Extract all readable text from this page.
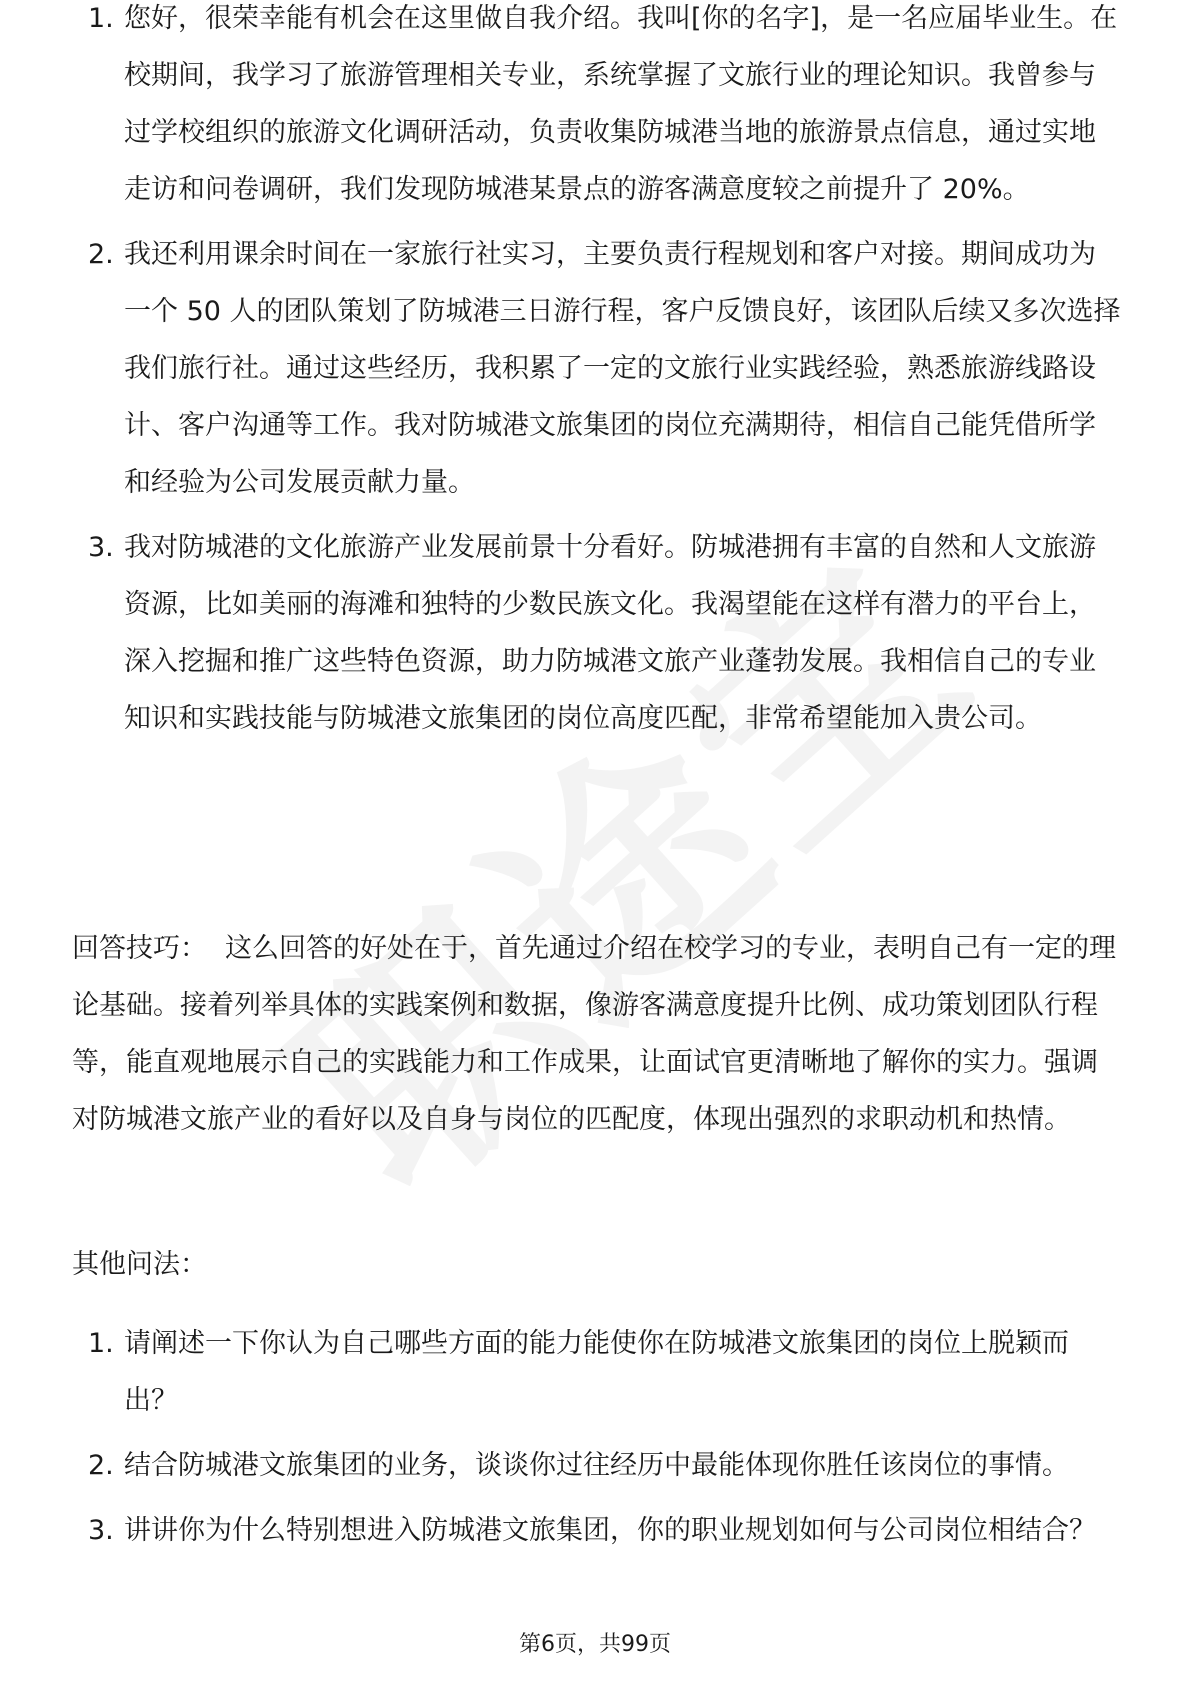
1. 您好，很荣幸能有机会在这里做自我介绍。我叫[你的名字]，是一名应届毕业生。在校期间，我学习了旅游管理相关专业，系统掌握了文旅行业的理论知识。我曾参与过学校组织的旅游文化调研活动，负责收集防城港当地的旅游景点信息，通过实地走访和问卷调研，我们发现防城港某景点的游客满意度较之前提升了 20%。
2. 我还利用课余时间在一家旅行社实习，主要负责行程规划和客户对接。期间成功为一个 50 人的团队策划了防城港三日游行程，客户反馈良好，该团队后续又多次选择我们旅行社。通过这些经历，我积累了一定的文旅行业实践经验，熟悉旅游线路设计、客户沟通等工作。我对防城港文旅集团的岗位充满期待，相信自己能凭借所学和经验为公司发展贡献力量。
3. 我对防城港的文化旅游产业发展前景十分看好。防城港拥有丰富的自然和人文旅游资源，比如美丽的海滩和独特的少数民族文化。我渴望能在这样有潜力的平台上，深入挖掘和推广这些特色资源，助力防城港文旅产业蓬勃发展。我相信自己的专业知识和实践技能与防城港文旅集团的岗位高度匹配，非常希望能加入贵公司。

回答技巧： 这么回答的好处在于，首先通过介绍在校学习的专业，表明自己有一定的理论基础。接着列举具体的实践案例和数据，像游客满意度提升比例、成功策划团队行程等，能直观地展示自己的实践能力和工作成果，让面试官更清晰地了解你的实力。强调对防城港文旅产业的看好以及自身与岗位的匹配度，体现出强烈的求职动机和热情。

其他问法：

1. 请阐述一下你认为自己哪些方面的能力能使你在防城港文旅集团的岗位上脱颖而出？
2. 结合防城港文旅集团的业务，谈谈你过往经历中最能体现你胜任该岗位的事情。
3. 讲讲你为什么特别想进入防城港文旅集团，你的职业规划如何与公司岗位相结合？
第6页，共99页
